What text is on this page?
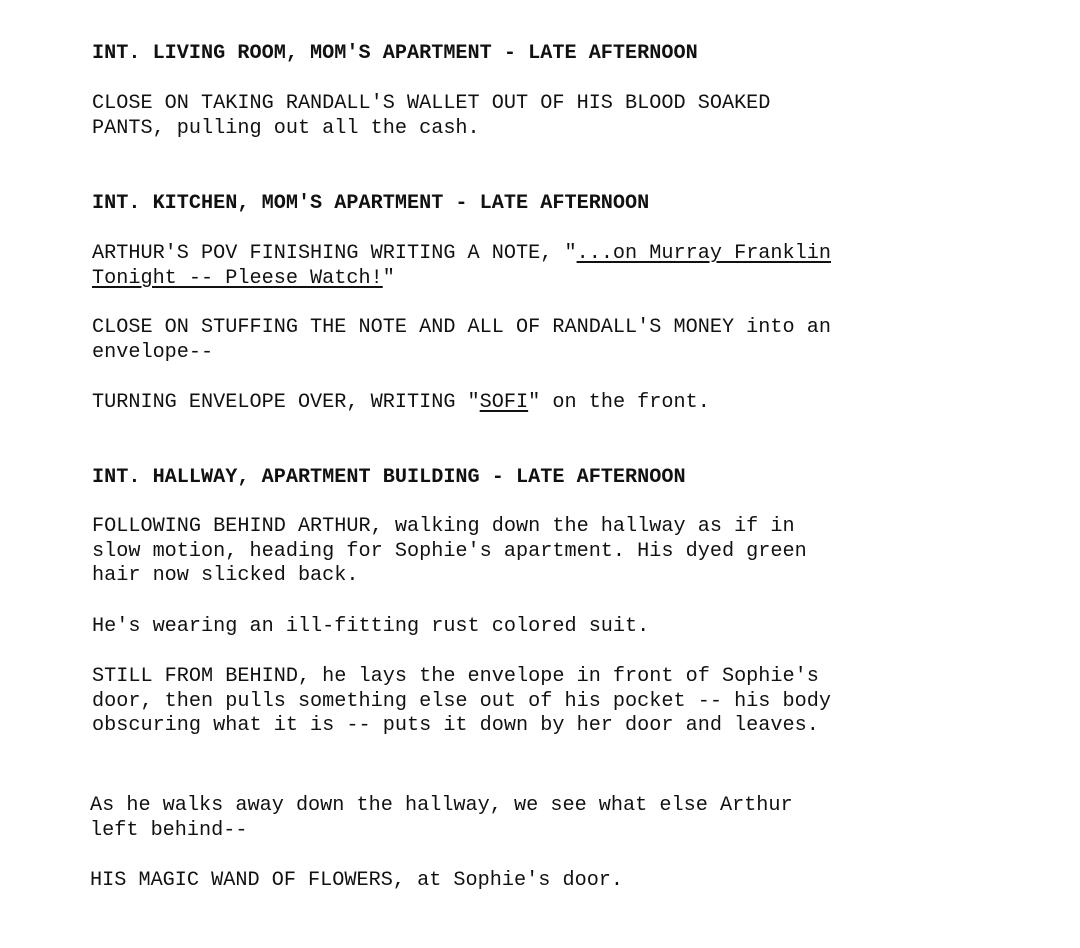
INT. LIVING ROOM, MOM'S APARTMENT - LATE AFTERNOON

CLOSE ON TAKING RANDALL'S WALLET OUT OF HIS BLOOD SOAKED
PANTS, pulling out all the cash.

INT. KITCHEN, MOM'S APARTMENT - LATE AFTERNOON

ARTHUR'S POV FINISHING WRITING A NOTE, "...on Murray Franklin
Tonight -- Pleese Watch!"

CLOSE ON STUFFING THE NOTE AND ALL OF RANDALL'S MONEY into an
envelope--

TURNING ENVELOPE OVER, WRITING "SOFI" on the front.

INT. HALLWAY, APARTMENT BUILDING - LATE AFTERNOON

FOLLOWING BEHIND ARTHUR, walking down the hallway as if in
slow motion, heading for Sophie's apartment. His dyed green
hair now slicked back.

He's wearing an ill-fitting rust colored suit.

STILL FROM BEHIND, he lays the envelope in front of Sophie's
door, then pulls something else out of his pocket -- his body
obscuring what it is -- puts it down by her door and leaves.

As he walks away down the hallway, we see what else Arthur
left behind--

HIS MAGIC WAND OF FLOWERS, at Sophie's door.
